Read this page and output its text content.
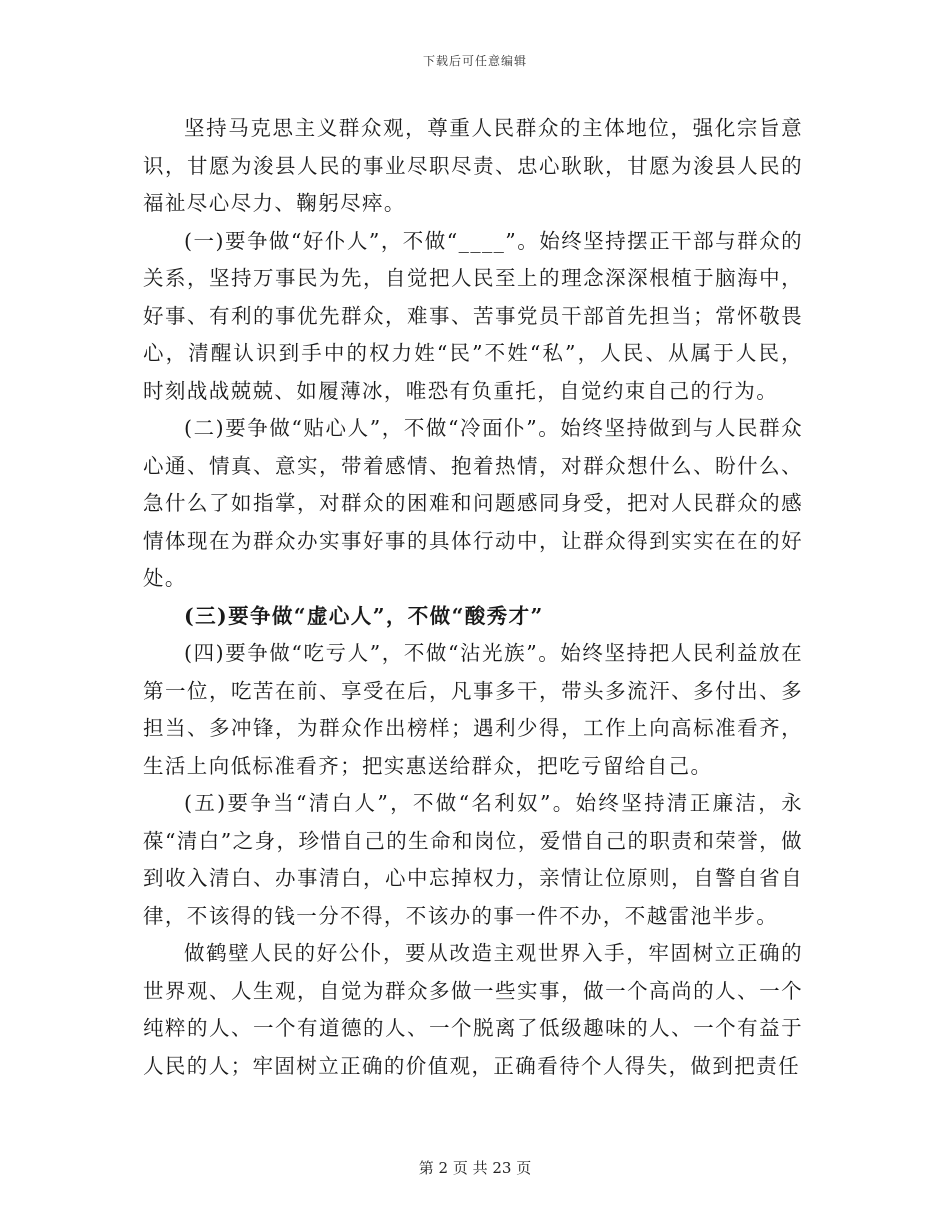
下载后可任意编辑

坚持马克思主义群众观，尊重人民群众的主体地位，强化宗旨意识，甘愿为浚县人民的事业尽职尽责、忠心耿耿，甘愿为浚县人民的福祉尽心尽力、鞠躬尽瘁。

(一)要争做“好仆人”，不做“____”。始终坚持摆正干部与群众的关系，坚持万事民为先，自觉把人民至上的理念深深根植于脑海中，好事、有利的事优先群众，难事、苦事党员干部首先担当；常怀敬畏心，清醒认识到手中的权力姓“民”不姓“私”，人民、从属于人民，时刻战战兢兢、如履薄冰，唯恐有负重托，自觉约束自己的行为。

(二)要争做“贴心人”，不做“冷面仆”。始终坚持做到与人民群众心通、情真、意实，带着感情、抱着热情，对群众想什么、盼什么、急什么了如指掌，对群众的困难和问题感同身受，把对人民群众的感情体现在为群众办实事好事的具体行动中，让群众得到实实在在的好处。

(三)要争做“虚心人”，不做“酸秀才”

(四)要争做“吃亏人”，不做“沾光族”。始终坚持把人民利益放在第一位，吃苦在前、享受在后，凡事多干，带头多流汗、多付出、多担当、多冲锋，为群众作出榜样；遇利少得，工作上向高标准看齐，生活上向低标准看齐；把实惠送给群众，把吃亏留给自己。

(五)要争当“清白人”，不做“名利奴”。始终坚持清正廉洁，永葆“清白”之身，珍惜自己的生命和岗位，爱惜自己的职责和荣誉，做到收入清白、办事清白，心中忘掉权力，亲情让位原则，自警自省自律，不该得的钱一分不得，不该办的事一件不办，不越雷池半步。

做鹤壁人民的好公仆，要从改造主观世界入手，牢固树立正确的世界观、人生观，自觉为群众多做一些实事，做一个高尚的人、一个纯粹的人、一个有道德的人、一个脱离了低级趣味的人、一个有益于人民的人；牢固树立正确的价值观，正确看待个人得失，做到把责任

第 2 页 共 23 页
